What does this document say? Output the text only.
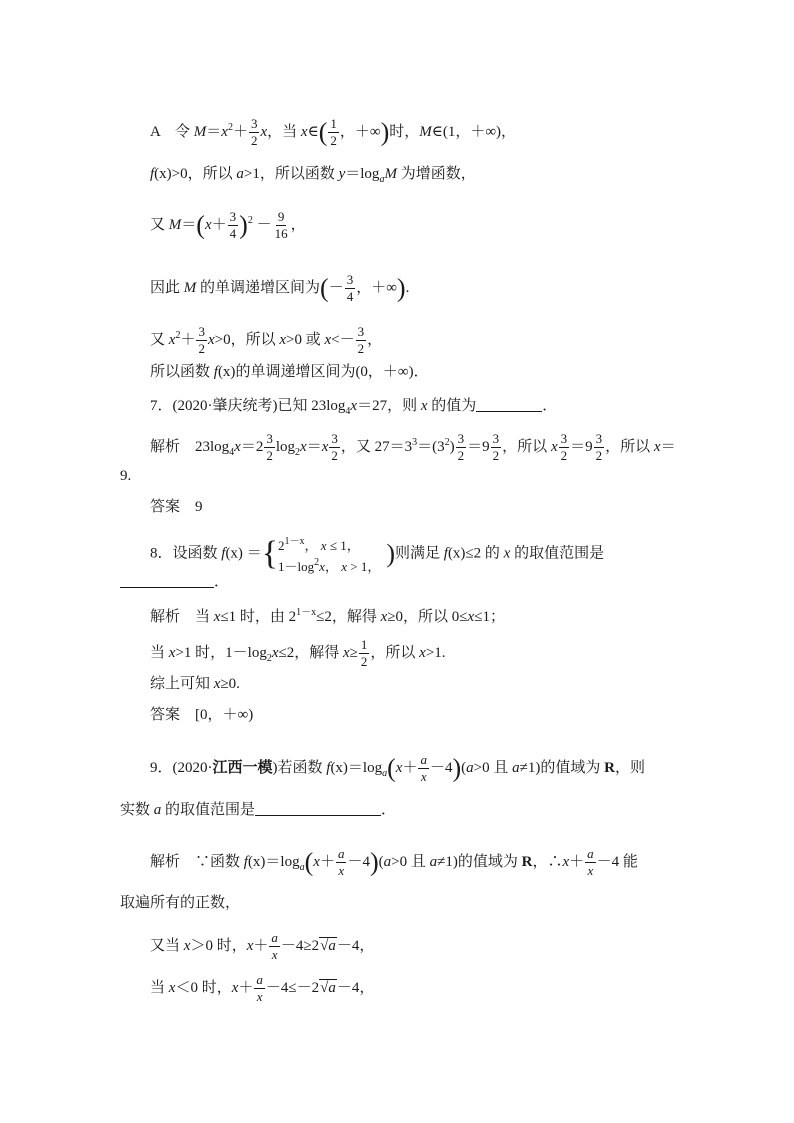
A　令 $M=x^2+ \frac{3}{2}$ x，当 x∈( $\frac{1}{2}$ ，＋∞)时，M∈(1，＋∞)，
f(x)>0，所以 a>1，所以函数 $y=\log_aM$ 为增函数，
又 $M=(x+ \frac{3}{4} )^2 - \frac{9}{16}$ ，
因此 M 的单调递增区间为(－ $\frac{3}{4}$ ，＋∞).
又 $x^2+ \frac{3}{2} x>0$，所以 x>0 或 $x<- \frac{3}{2}$ ，
所以函数 f(x)的单调递增区间为(0，＋∞)．
7．(2020·肇庆统考)已知 $23\log_4x=27$，则 x 的值为	．
解析　$23\log_4x=2 \frac{3}{2} \log_2x=x \frac{3}{2}$ ，又 $27=3^3=(3^2) \frac{3}{2} =9 \frac{3}{2}$ ，所以 x $\frac{3}{2} =9 \frac{3}{2}$ ，所以 x＝
9.
答案　9
8．设函数 f(x) ＝{ $2^{1-x}$， x ≤ 1，
$1-\log^2x$， x > 1， )则满足 f(x)≤2 的 x 的取值范围是
．
解析　当 x≤1 时，由 $2^{1-x}\le 2$，解得 x≥0，所以 0≤x≤1；
当 x>1 时，$1-\log_2x\le 2$，解得 $x\ge \frac{1}{2}$ ，所以 x>1.
综上可知 x≥0.
答案　[0，＋∞)
9．(2020·江西一模)若函数 $f(x)=\log_a(x+ \frac{a}{x} -4)(a>0$ 且 a≠1)的值域为 R，则
实数 a 的取值范围是	．
解析　∵函数 $f(x)=\log_a(x+ \frac{a}{x} -4)(a>0$ 且 a≠1)的值域为 R，∴x＋ $\frac{a}{x} -4$ 能
取遍所有的正数，
又当 x＞0 时，$x+ \frac{a}{x} -4\ge 2√a-4$，
当 x＜0 时，$x+ \frac{a}{x} -4\le-2√a-4$，
